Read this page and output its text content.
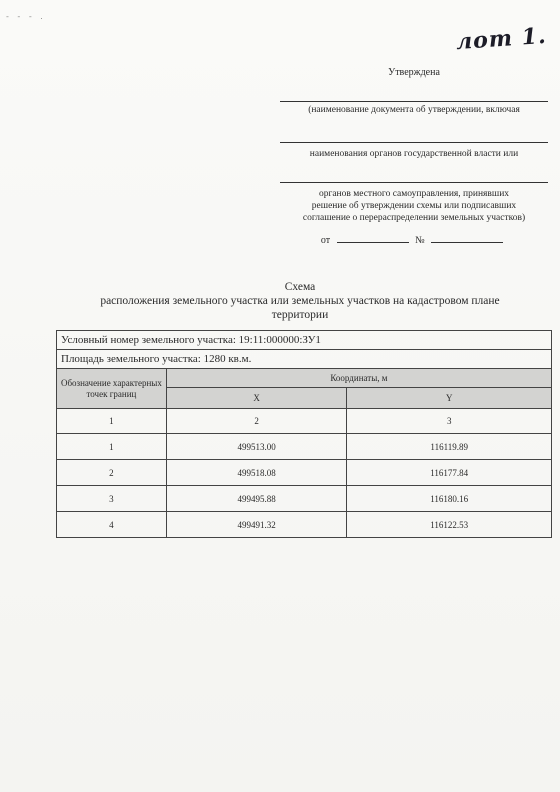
- - - .
лот 1.
Утверждена
(наименование документа об утверждении, включая
наименования органов государственной власти или
органов местного самоуправления, принявших
решение об утверждении схемы или подписавших
соглашение о перераспределении земельных участков)
от	№
Схема
расположения земельного участка или земельных участков на кадастровом плане
территории
Условный номер земельного участка: 19:11:000000:ЗУ1		
Площадь земельного участка: 1280 кв.м.		
Обозначение характерных точек границ	Координаты, м	
	X	Y
1	2	3
1	499513.00	116119.89
2	499518.08	116177.84
3	499495.88	116180.16
4	499491.32	116122.53
